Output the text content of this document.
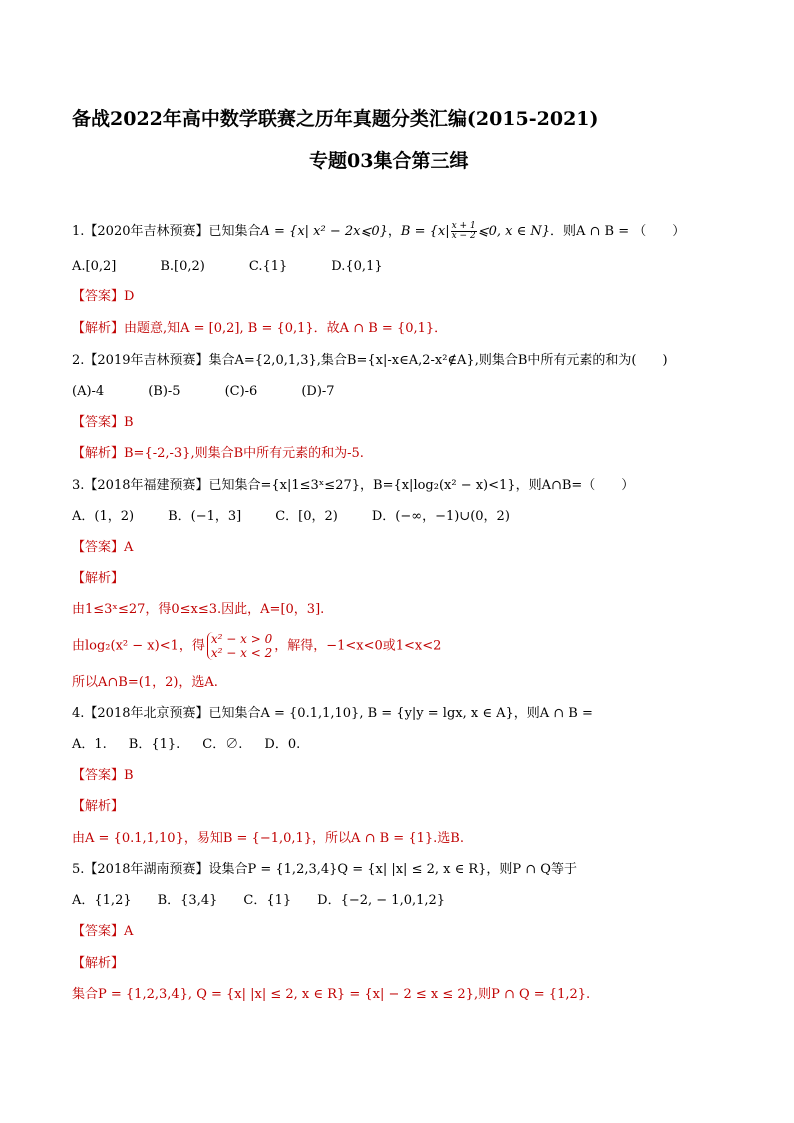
备战2022年高中数学联赛之历年真题分类汇编(2015-2021)
专题03集合第三缉
1.【2020年吉林预赛】已知集合A = {x| x² − 2x⩽0}，$B = \{x| \frac{x + 1}{x - 2}$ ⩽0, x ∈ N}．则A ∩ B = （　　）
A.[0,2]	B.[0,2)	C.{1}	D.{0,1}
【答案】D
【解析】由题意,知A = [0,2], B = {0,1}．故A ∩ B = {0,1}．
2.【2019年吉林预赛】集合A={2,0,1,3},集合B={x|-x∈A,2-x²∉A},则集合B中所有元素的和为(　　)
(A)-4	(B)-5	(C)-6	(D)-7
【答案】B
【解析】B={-2,-3},则集合B中所有元素的和为-5.
3.【2018年福建预赛】已知集合={x|1≤3ˣ≤27}，B={x|log₂(x² − x)<1}，则A∩B=（　　）
A．(1，2)	B．(−1，3]	C．[0，2)	D．(−∞，−1)∪(0，2)
【答案】A
【解析】
由1≤3ˣ≤27，得0≤x≤3.因此，A=[0，3].
由log₂(x² − x)<1，得 x² − x > 0
x² − x < 2 ，解得，−1<x<0或1<x<2
所以A∩B=(1，2)，选A.
4.【2018年北京预赛】已知集合A = {0.1,1,10}, B = {y|y = lgx, x ∈ A}，则A ∩ B =
A．1. B．{1}. C．∅. D．0.
【答案】B
【解析】
由A = {0.1,1,10}，易知B = {−1,0,1}，所以A ∩ B = {1}.选B.
5.【2018年湖南预赛】设集合P = {1,2,3,4}Q = {x| |x| ≤ 2, x ∈ R}，则P ∩ Q等于
A．{1,2} B．{3,4} C．{1} D．{−2, − 1,0,1,2}
【答案】A
【解析】
集合P = {1,2,3,4}, Q = {x| |x| ≤ 2, x ∈ R} = {x| − 2 ≤ x ≤ 2},则P ∩ Q = {1,2}.
